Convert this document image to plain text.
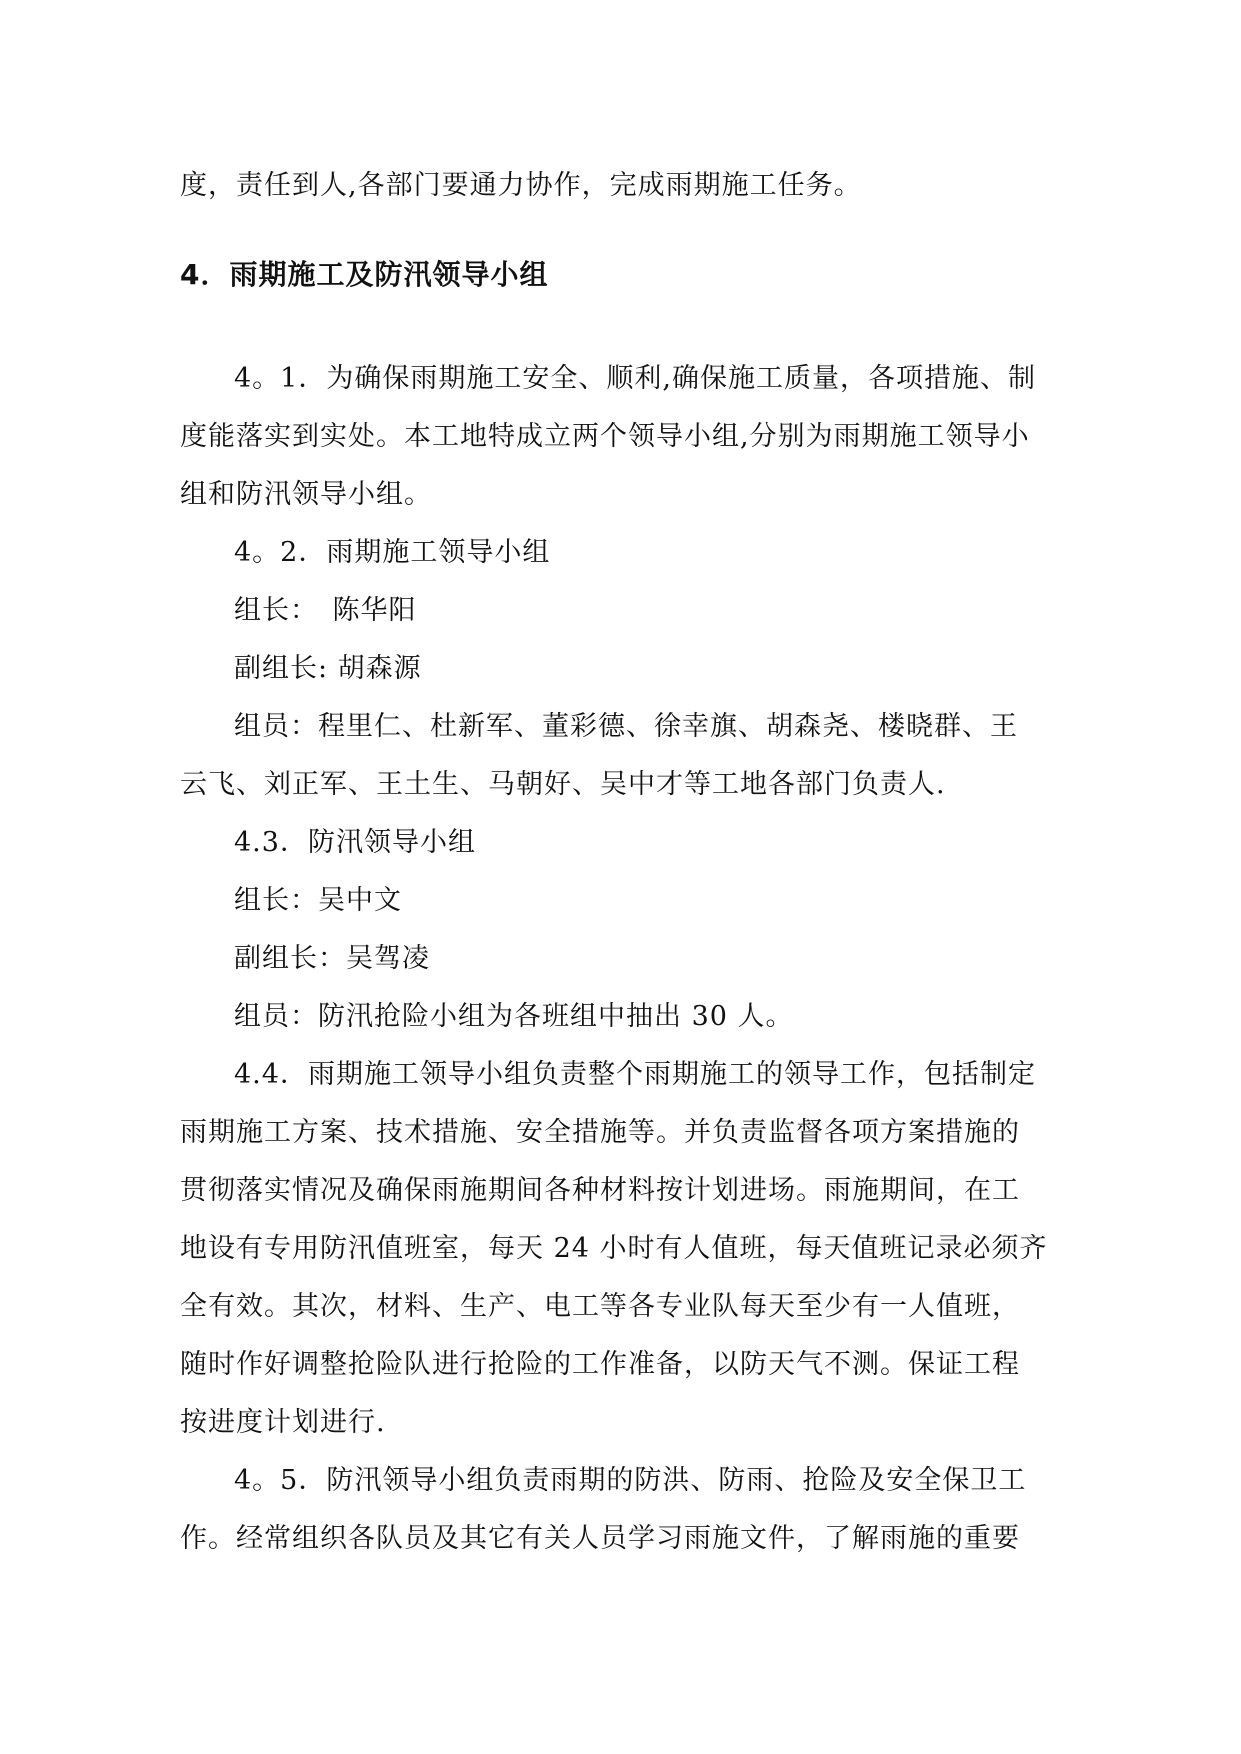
度，责任到人,各部门要通力协作，完成雨期施工任务。
4．雨期施工及防汛领导小组
4。1．为确保雨期施工安全、顺利,确保施工质量，各项措施、制
度能落实到实处。本工地特成立两个领导小组,分别为雨期施工领导小
组和防汛领导小组。
4。2．雨期施工领导小组
组长：　陈华阳
副组长: 胡森源
组员：程里仁、杜新军、董彩德、徐幸旗、胡森尧、楼晓群、王
云飞、刘正军、王土生、马朝好、吴中才等工地各部门负责人.
4.3．防汛领导小组
组长：吴中文
副组长：吴驾凌
组员：防汛抢险小组为各班组中抽出 30 人。
4.4．雨期施工领导小组负责整个雨期施工的领导工作，包括制定
雨期施工方案、技术措施、安全措施等。并负责监督各项方案措施的
贯彻落实情况及确保雨施期间各种材料按计划进场。雨施期间，在工
地设有专用防汛值班室，每天 24 小时有人值班，每天值班记录必须齐
全有效。其次，材料、生产、电工等各专业队每天至少有一人值班，
随时作好调整抢险队进行抢险的工作准备，以防天气不测。保证工程
按进度计划进行.
4。5．防汛领导小组负责雨期的防洪、防雨、抢险及安全保卫工
作。经常组织各队员及其它有关人员学习雨施文件，了解雨施的重要
